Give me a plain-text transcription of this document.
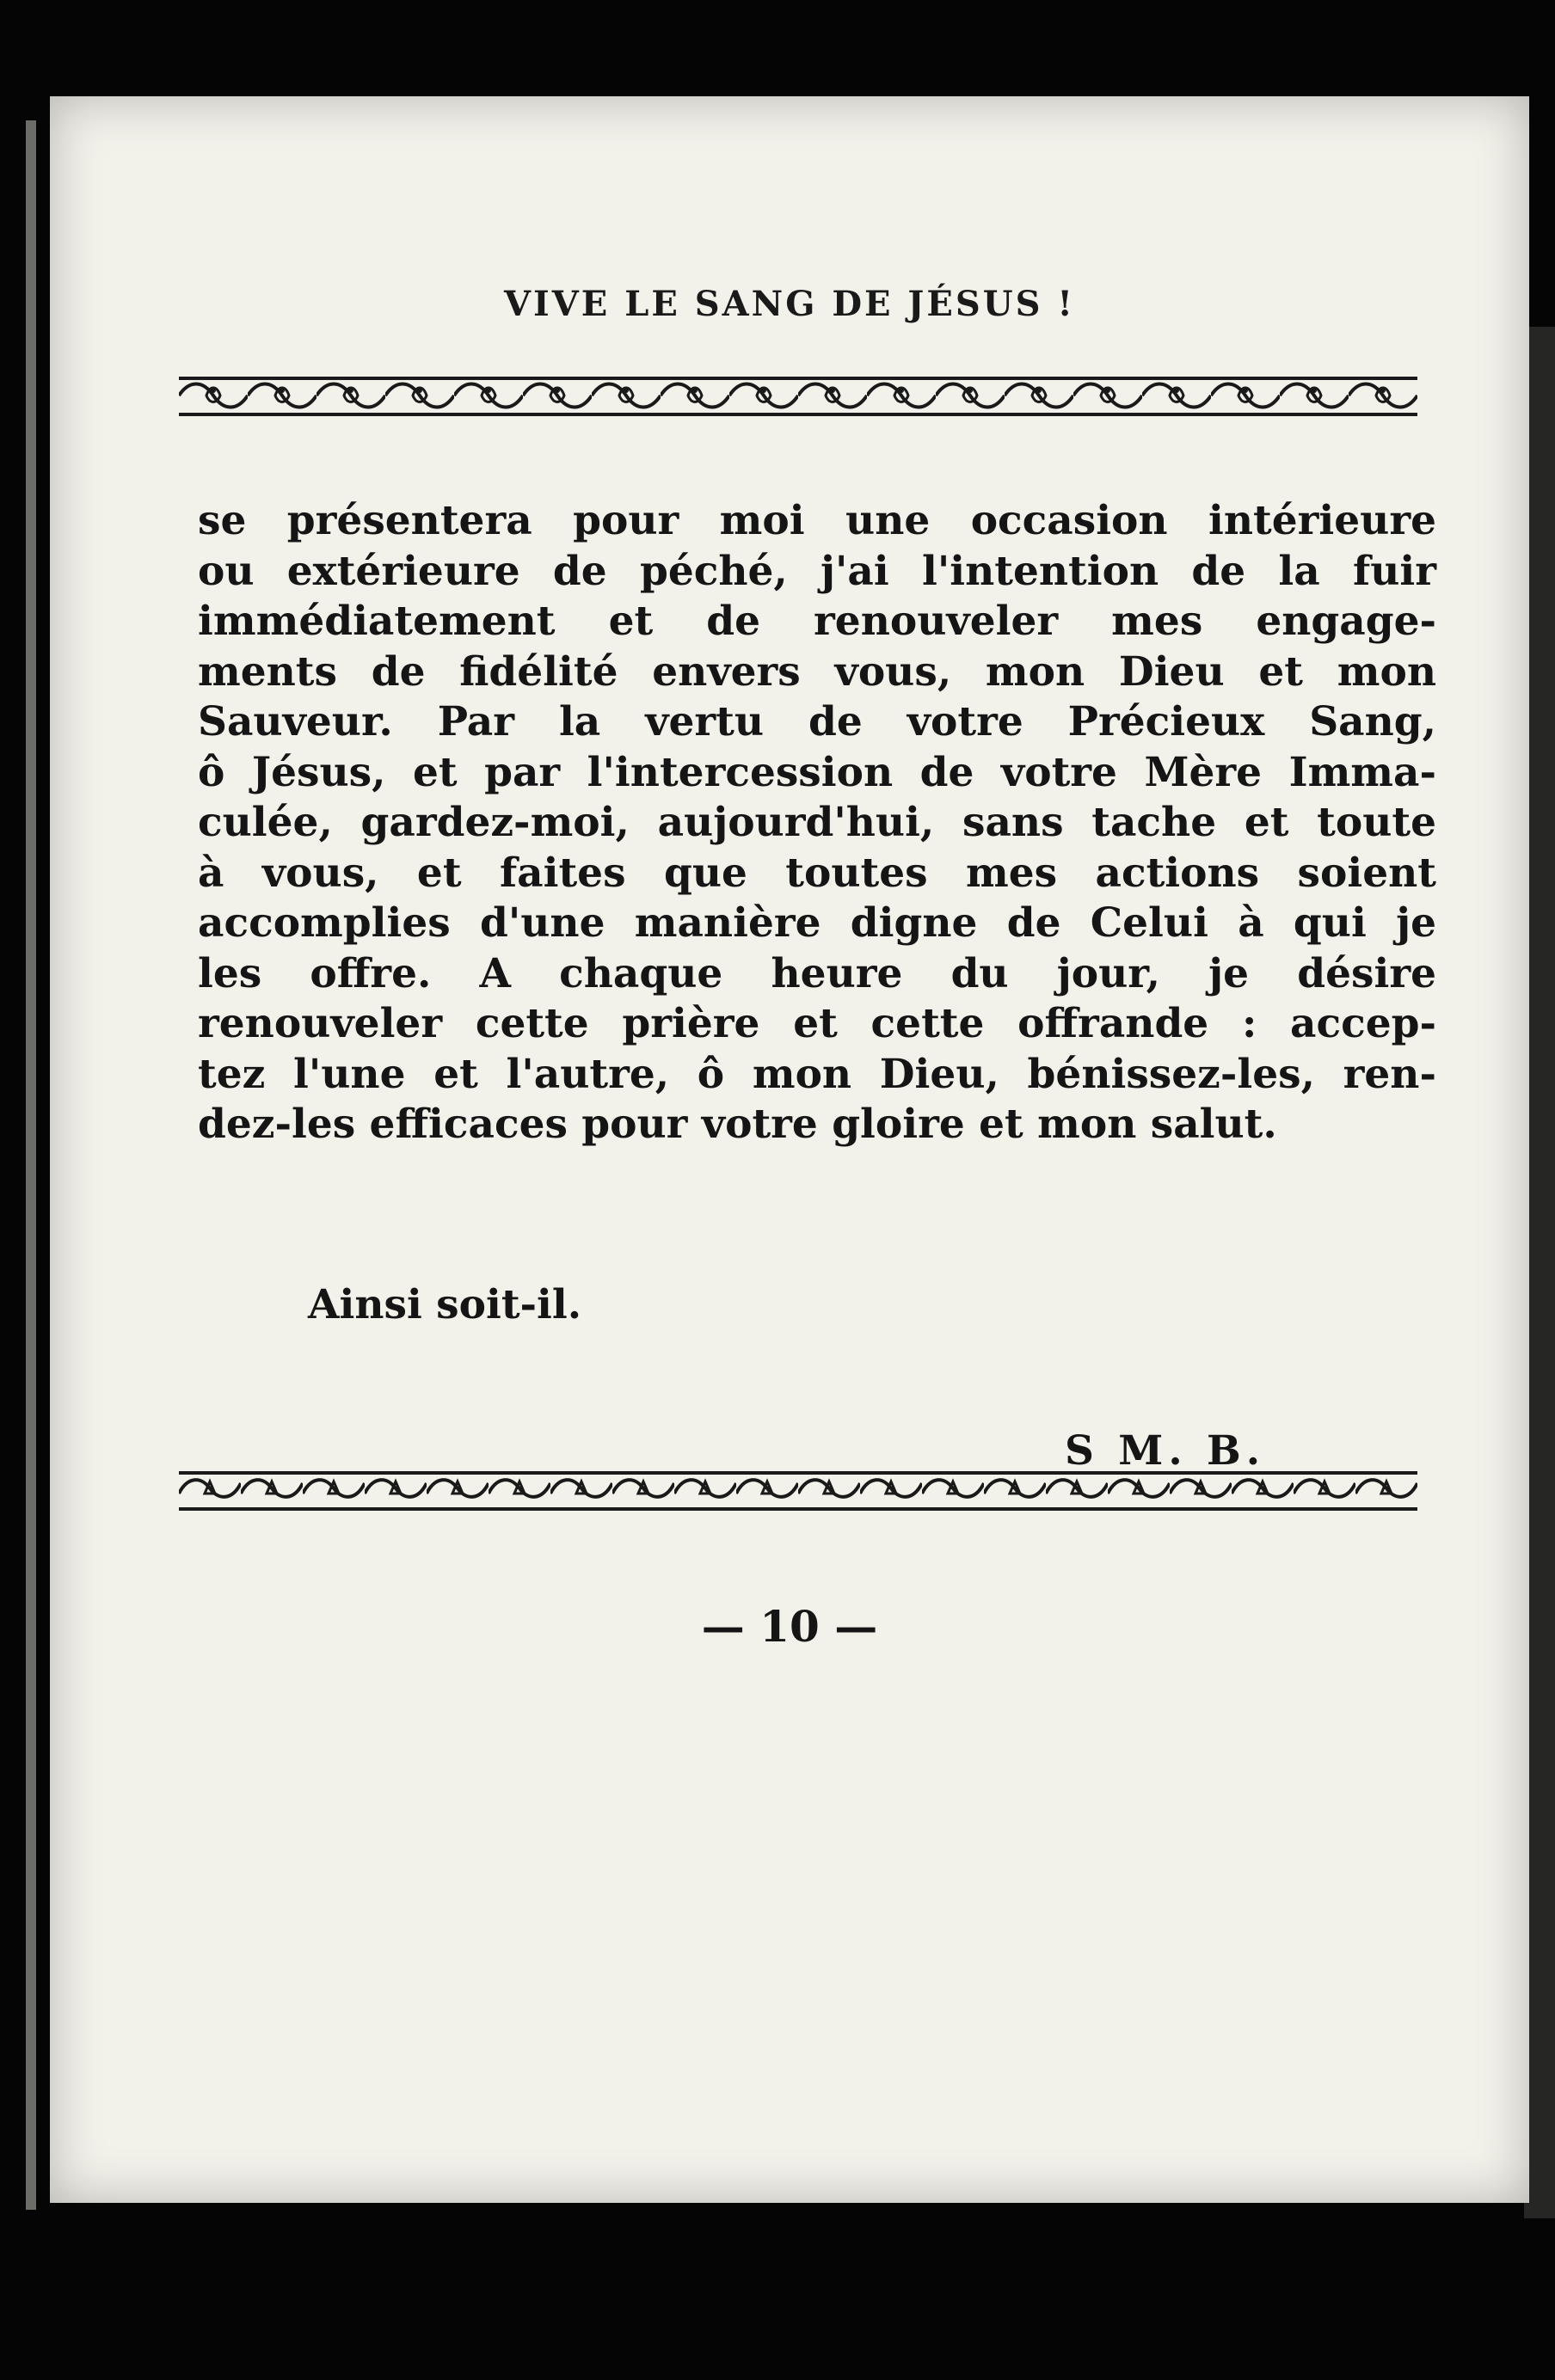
VIVE LE SANG DE JÉSUS !
se présentera pour moi une occasion intérieure
ou extérieure de péché, j'ai l'intention de la fuir
immédiatement et de renouveler mes engage-
ments de fidélité envers vous, mon Dieu et mon
Sauveur. Par la vertu de votre Précieux Sang,
ô Jésus, et par l'intercession de votre Mère Imma-
culée, gardez-moi, aujourd'hui, sans tache et toute
à vous, et faites que toutes mes actions soient
accomplies d'une manière digne de Celui à qui je
les offre. A chaque heure du jour, je désire
renouveler cette prière et cette offrande : accep-
tez l'une et l'autre, ô mon Dieu, bénissez-les, ren-
dez-les efficaces pour votre gloire et mon salut.
Ainsi soit-il.
S M. B.
— 10 —
